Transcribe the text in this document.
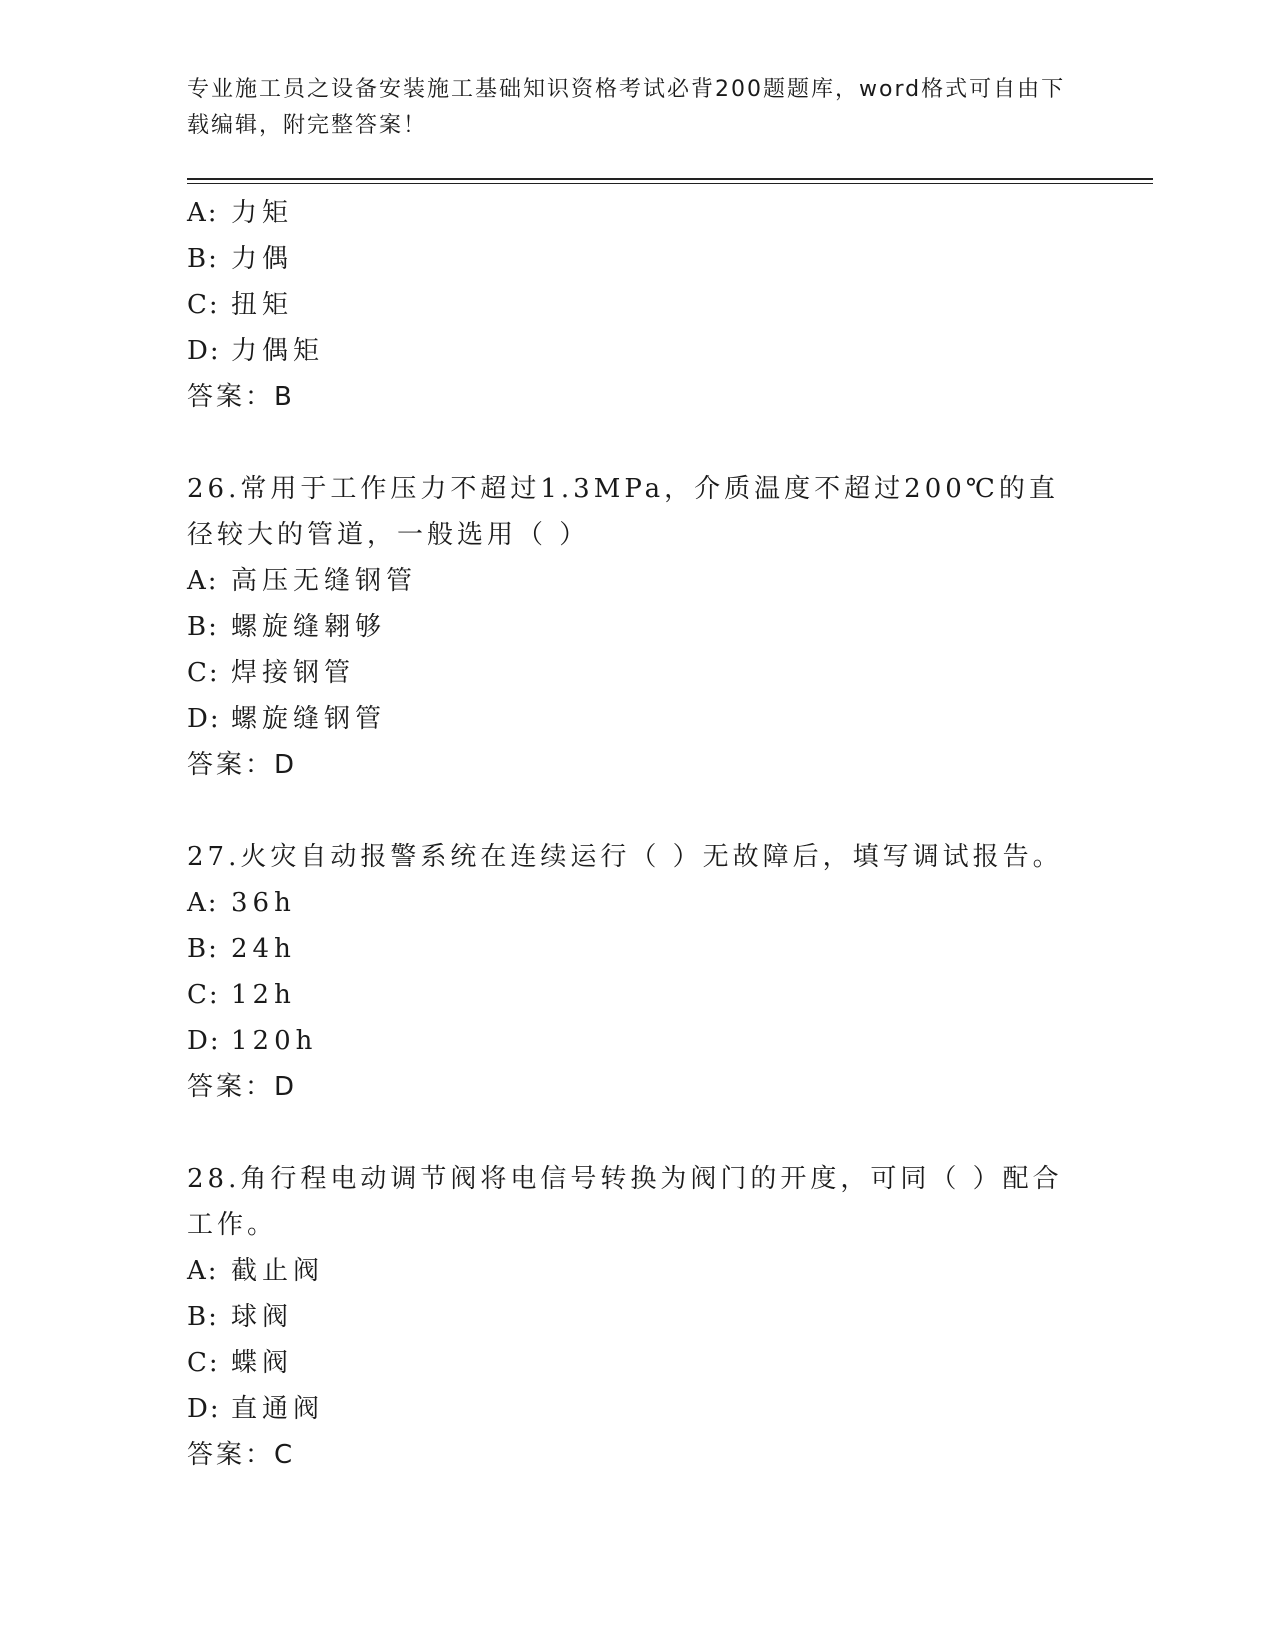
专业施工员之设备安装施工基础知识资格考试必背200题题库，word格式可自由下载编辑，附完整答案！
A: 力矩
B: 力偶
C: 扭矩
D: 力偶矩
答案：B

26.常用于工作压力不超过1.3MPa，介质温度不超过200℃的直径较大的管道，一般选用（ ）

A: 高压无缝钢管
B: 螺旋缝翱够
C: 焊接钢管
D: 螺旋缝钢管
答案：D

27.火灾自动报警系统在连续运行（ ）无故障后，填写调试报告。

A: 36h
B: 24h
C: 12h
D: 120h
答案：D

28.角行程电动调节阀将电信号转换为阀门的开度，可同（ ）配合工作。

A: 截止阀
B: 球阀
C: 蝶阀
D: 直通阀
答案：C
